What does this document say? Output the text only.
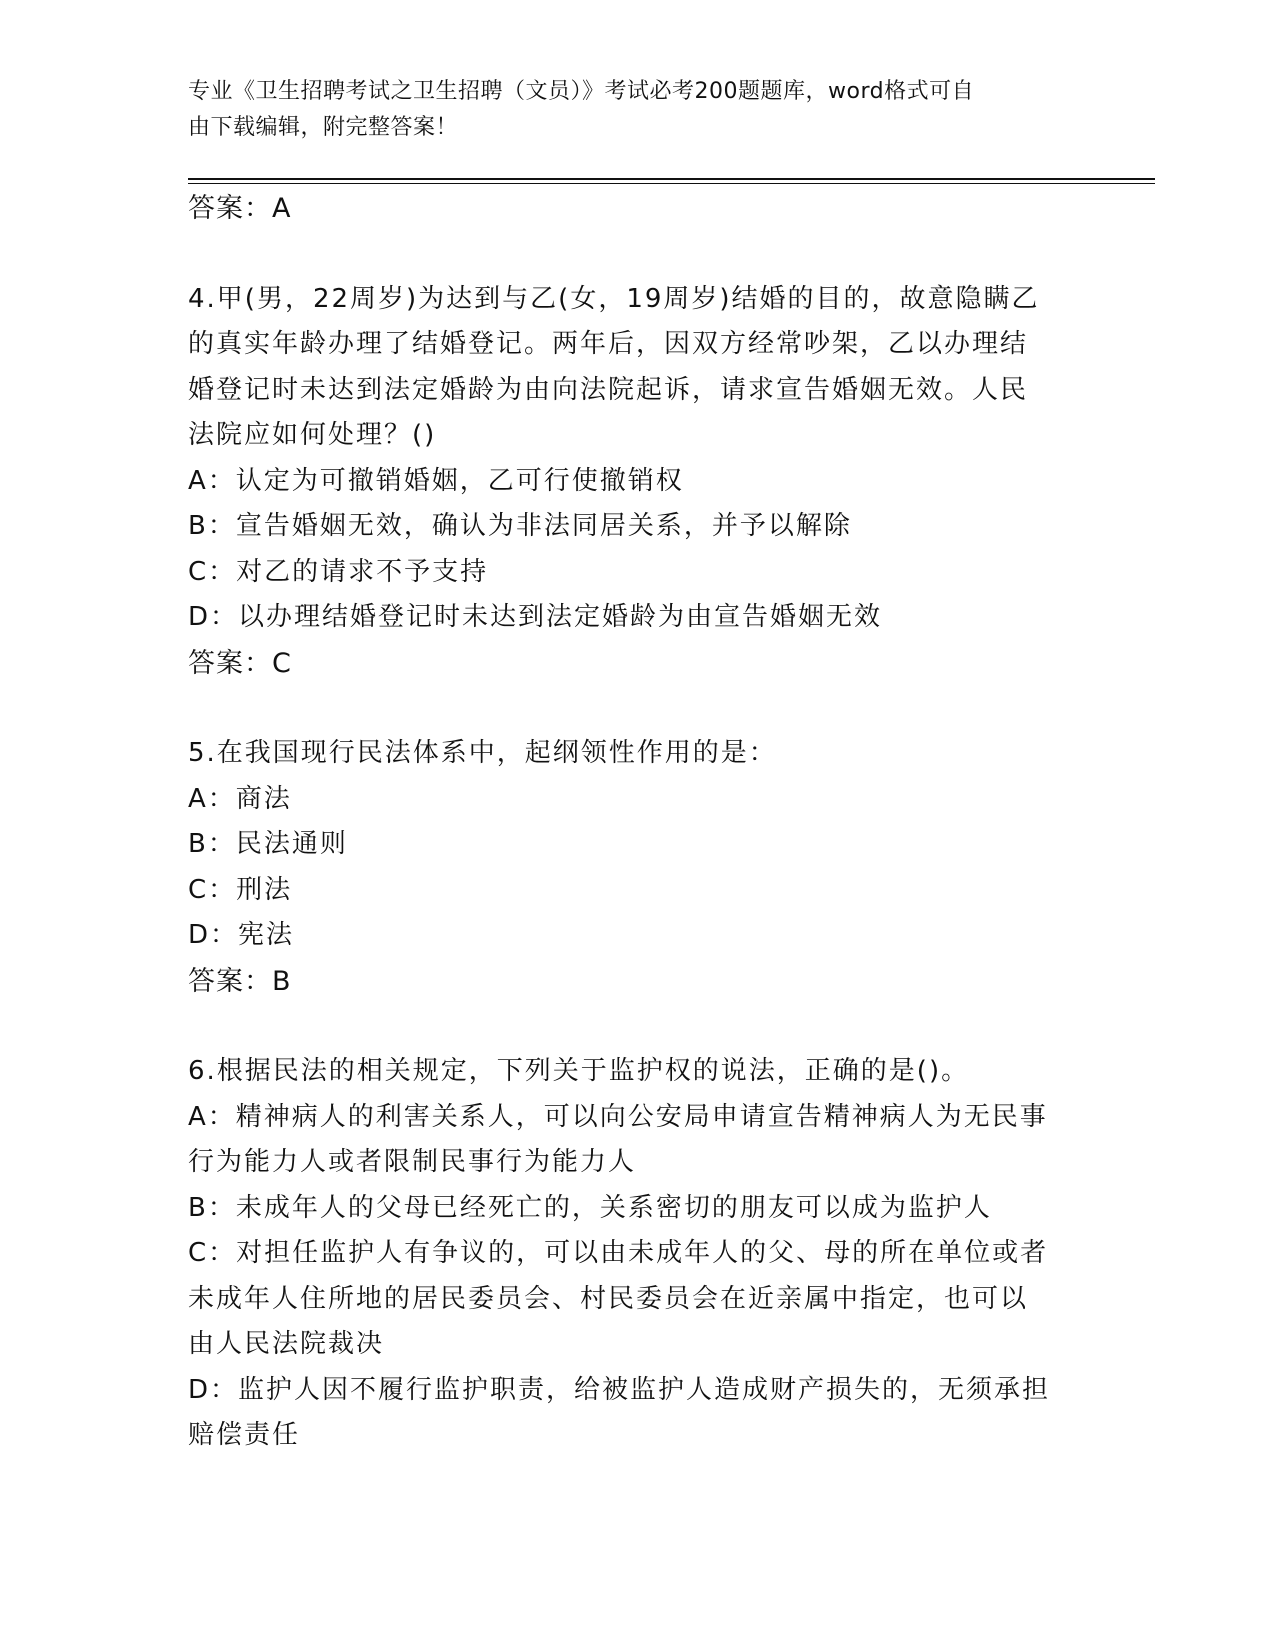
专业《卫生招聘考试之卫生招聘（文员）》考试必考200题题库，word格式可自
由下载编辑，附完整答案！
答案：A
4.甲(男，22周岁)为达到与乙(女，19周岁)结婚的目的，故意隐瞒乙
的真实年龄办理了结婚登记。两年后，因双方经常吵架，乙以办理结
婚登记时未达到法定婚龄为由向法院起诉，请求宣告婚姻无效。人民
法院应如何处理？()
A：认定为可撤销婚姻，乙可行使撤销权
B：宣告婚姻无效，确认为非法同居关系，并予以解除
C：对乙的请求不予支持
D：以办理结婚登记时未达到法定婚龄为由宣告婚姻无效
答案：C
5.在我国现行民法体系中，起纲领性作用的是：
A：商法
B：民法通则
C：刑法
D：宪法
答案：B
6.根据民法的相关规定，下列关于监护权的说法，正确的是()。
A：精神病人的利害关系人，可以向公安局申请宣告精神病人为无民事
行为能力人或者限制民事行为能力人
B：未成年人的父母已经死亡的，关系密切的朋友可以成为监护人
C：对担任监护人有争议的，可以由未成年人的父、母的所在单位或者
未成年人住所地的居民委员会、村民委员会在近亲属中指定，也可以
由人民法院裁决
D：监护人因不履行监护职责，给被监护人造成财产损失的，无须承担
赔偿责任
